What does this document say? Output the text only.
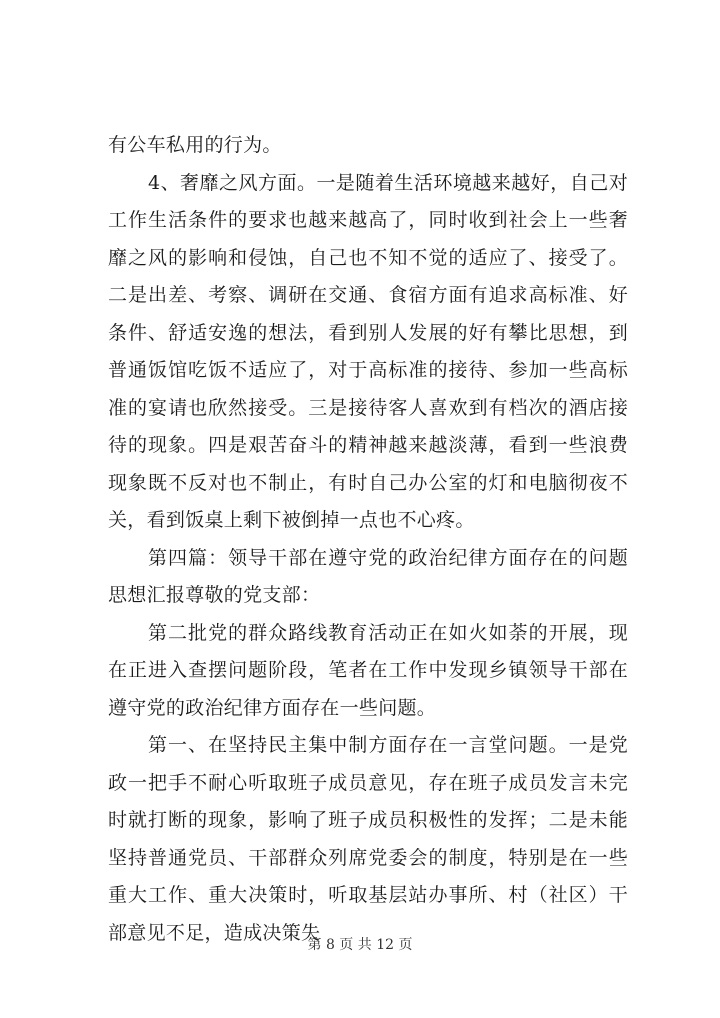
有公车私用的行为。

4、奢靡之风方面。一是随着生活环境越来越好，自己对工作生活条件的要求也越来越高了，同时收到社会上一些奢靡之风的影响和侵蚀，自己也不知不觉的适应了、接受了。二是出差、考察、调研在交通、食宿方面有追求高标准、好条件、舒适安逸的想法，看到别人发展的好有攀比思想，到普通饭馆吃饭不适应了，对于高标准的接待、参加一些高标准的宴请也欣然接受。三是接待客人喜欢到有档次的酒店接待的现象。四是艰苦奋斗的精神越来越淡薄，看到一些浪费现象既不反对也不制止，有时自己办公室的灯和电脑彻夜不关，看到饭桌上剩下被倒掉一点也不心疼。

第四篇：领导干部在遵守党的政治纪律方面存在的问题思想汇报尊敬的党支部：

第二批党的群众路线教育活动正在如火如荼的开展，现在正进入查摆问题阶段，笔者在工作中发现乡镇领导干部在遵守党的政治纪律方面存在一些问题。

第一、在坚持民主集中制方面存在一言堂问题。一是党政一把手不耐心听取班子成员意见，存在班子成员发言未完时就打断的现象，影响了班子成员积极性的发挥；二是未能坚持普通党员、干部群众列席党委会的制度，特别是在一些重大工作、重大决策时，听取基层站办事所、村（社区）干部意见不足，造成决策失

第 8 页 共 12 页
